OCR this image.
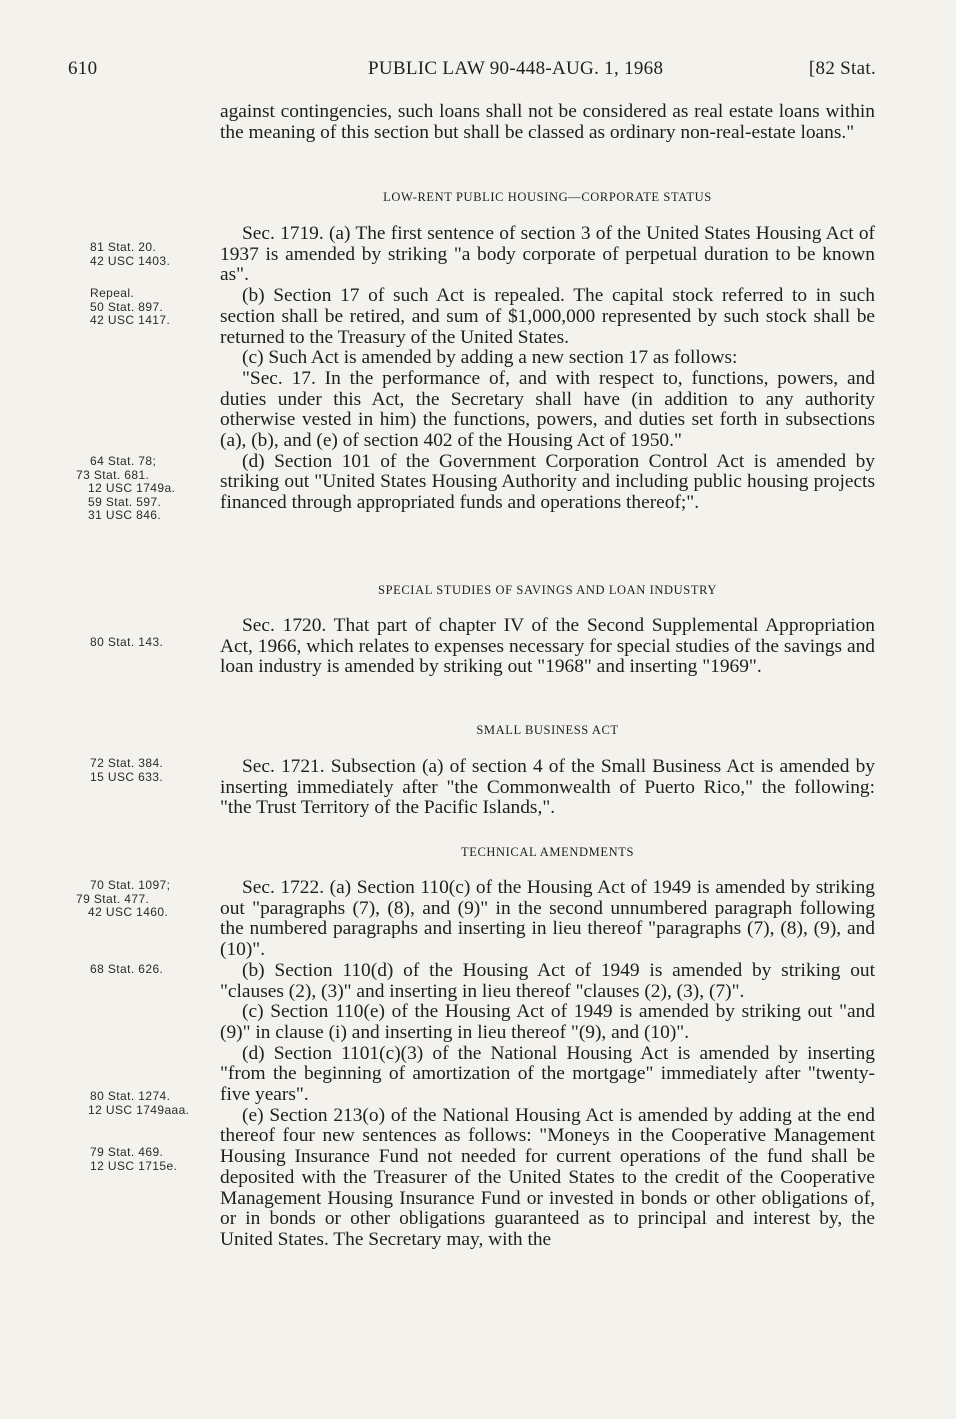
610	PUBLIC LAW 90-448-AUG. 1, 1968	[82 Stat.

against contingencies, such loans shall not be considered as real estate loans within the meaning of this section but shall be classed as ordinary non-real-estate loans."

LOW-RENT PUBLIC HOUSING—CORPORATE STATUS

Sec. 1719. (a) The first sentence of section 3 of the United States Housing Act of 1937 is amended by striking "a body corporate of perpetual duration to be known as".

(b) Section 17 of such Act is repealed. The capital stock referred to in such section shall be retired, and sum of $1,000,000 represented by such stock shall be returned to the Treasury of the United States.

(c) Such Act is amended by adding a new section 17 as follows:

"Sec. 17. In the performance of, and with respect to, functions, powers, and duties under this Act, the Secretary shall have (in addition to any authority otherwise vested in him) the functions, powers, and duties set forth in subsections (a), (b), and (e) of section 402 of the Housing Act of 1950."

(d) Section 101 of the Government Corporation Control Act is amended by striking out "United States Housing Authority and including public housing projects financed through appropriated funds and operations thereof;".

SPECIAL STUDIES OF SAVINGS AND LOAN INDUSTRY

Sec. 1720. That part of chapter IV of the Second Supplemental Appropriation Act, 1966, which relates to expenses necessary for special studies of the savings and loan industry is amended by striking out "1968" and inserting "1969".

SMALL BUSINESS ACT

Sec. 1721. Subsection (a) of section 4 of the Small Business Act is amended by inserting immediately after "the Commonwealth of Puerto Rico," the following: "the Trust Territory of the Pacific Islands,".

TECHNICAL AMENDMENTS

Sec. 1722. (a) Section 110(c) of the Housing Act of 1949 is amended by striking out "paragraphs (7), (8), and (9)" in the second unnumbered paragraph following the numbered paragraphs and inserting in lieu thereof "paragraphs (7), (8), (9), and (10)".

(b) Section 110(d) of the Housing Act of 1949 is amended by striking out "clauses (2), (3)" and inserting in lieu thereof "clauses (2), (3), (7)".

(c) Section 110(e) of the Housing Act of 1949 is amended by striking out "and (9)" in clause (i) and inserting in lieu thereof "(9), and (10)".

(d) Section 1101(c)(3) of the National Housing Act is amended by inserting "from the beginning of amortization of the mortgage" immediately after "twenty-five years".

(e) Section 213(o) of the National Housing Act is amended by adding at the end thereof four new sentences as follows: "Moneys in the Cooperative Management Housing Insurance Fund not needed for current operations of the fund shall be deposited with the Treasurer of the United States to the credit of the Cooperative Management Housing Insurance Fund or invested in bonds or other obligations of, or in bonds or other obligations guaranteed as to principal and interest by, the United States. The Secretary may, with the

81 Stat. 20.
42 USC 1403.
Repeal.
50 Stat. 897.
42 USC 1417.
64 Stat. 78;
73 Stat. 681.
12 USC 1749a.
59 Stat. 597.
31 USC 846.
80 Stat. 143.
72 Stat. 384.
15 USC 633.
70 Stat. 1097;
79 Stat. 477.
42 USC 1460.
68 Stat. 626.
80 Stat. 1274.
12 USC 1749aaa.
79 Stat. 469.
12 USC 1715e.
